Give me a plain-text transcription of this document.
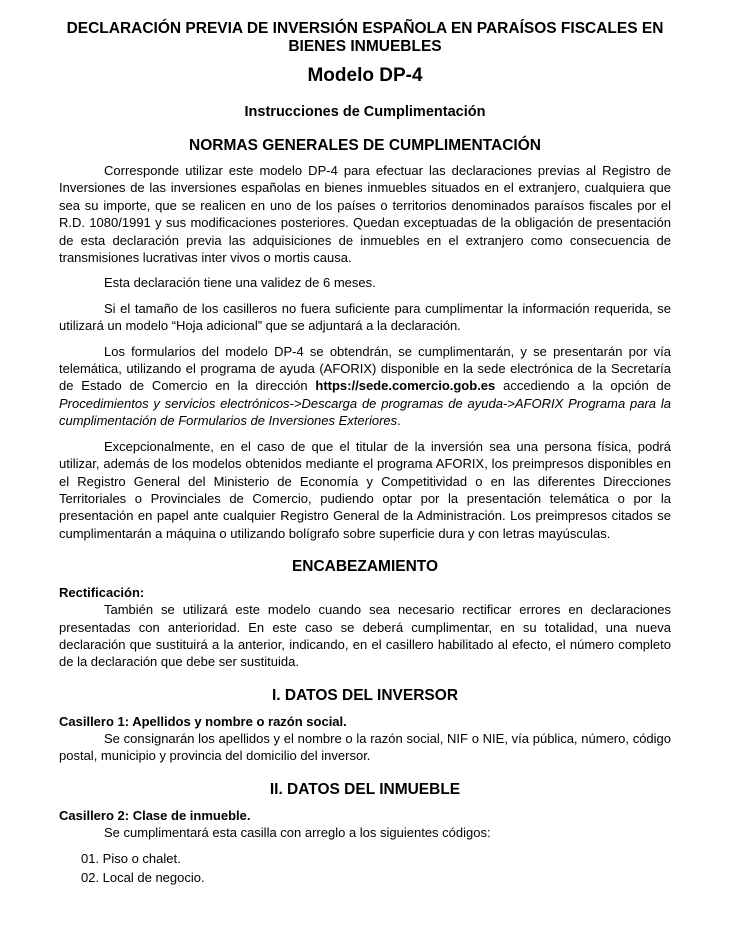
DECLARACIÓN PREVIA DE INVERSIÓN ESPAÑOLA EN PARAÍSOS FISCALES EN BIENES INMUEBLES
Modelo DP-4
Instrucciones de Cumplimentación
NORMAS GENERALES DE CUMPLIMENTACIÓN

Corresponde utilizar este modelo DP-4 para efectuar las declaraciones previas al Registro de Inversiones de las inversiones españolas en bienes inmuebles situados en el extranjero, cualquiera que sea su importe, que se realicen en uno de los países o territorios denominados paraísos fiscales por el R.D. 1080/1991 y sus modificaciones posteriores. Quedan exceptuadas de la obligación de presentación de esta declaración previa las adquisiciones de inmuebles en el extranjero como consecuencia de transmisiones lucrativas inter vivos o mortis causa.

Esta declaración tiene una validez de 6 meses.

Si el tamaño de los casilleros no fuera suficiente para cumplimentar la información requerida, se utilizará un modelo “Hoja adicional” que se adjuntará a la declaración.

Los formularios del modelo DP-4 se obtendrán, se cumplimentarán, y se presentarán por vía telemática, utilizando el programa de ayuda (AFORIX) disponible en la sede electrónica de la Secretaría de Estado de Comercio en la dirección https://sede.comercio.gob.es accediendo a la opción de Procedimientos y servicios electrónicos->Descarga de programas de ayuda->AFORIX Programa para la cumplimentación de Formularios de Inversiones Exteriores.

Excepcionalmente, en el caso de que el titular de la inversión sea una persona física, podrá utilizar, además de los modelos obtenidos mediante el programa AFORIX, los preimpresos disponibles en el Registro General del Ministerio de Economía y Competitividad o en las diferentes Direcciones Territoriales o Provinciales de Comercio, pudiendo optar por la presentación telemática o por la presentación en papel ante cualquier Registro General de la Administración. Los preimpresos citados se cumplimentarán a máquina o utilizando bolígrafo sobre superficie dura y con letras mayúsculas.

ENCABEZAMIENTO
Rectificación:

También se utilizará este modelo cuando sea necesario rectificar errores en declaraciones presentadas con anterioridad. En este caso se deberá cumplimentar, en su totalidad, una nueva declaración que sustituirá a la anterior, indicando, en el casillero habilitado al efecto, el número completo de la declaración que debe ser sustituida.

I. DATOS DEL INVERSOR
Casillero 1: Apellidos y nombre o razón social.

Se consignarán los apellidos y el nombre o la razón social, NIF o NIE, vía pública, número, código postal, municipio y provincia del domicilio del inversor.

II. DATOS DEL INMUEBLE
Casillero 2: Clase de inmueble.

Se cumplimentará esta casilla con arreglo a los siguientes códigos:

01. Piso o chalet.
02. Local de negocio.
